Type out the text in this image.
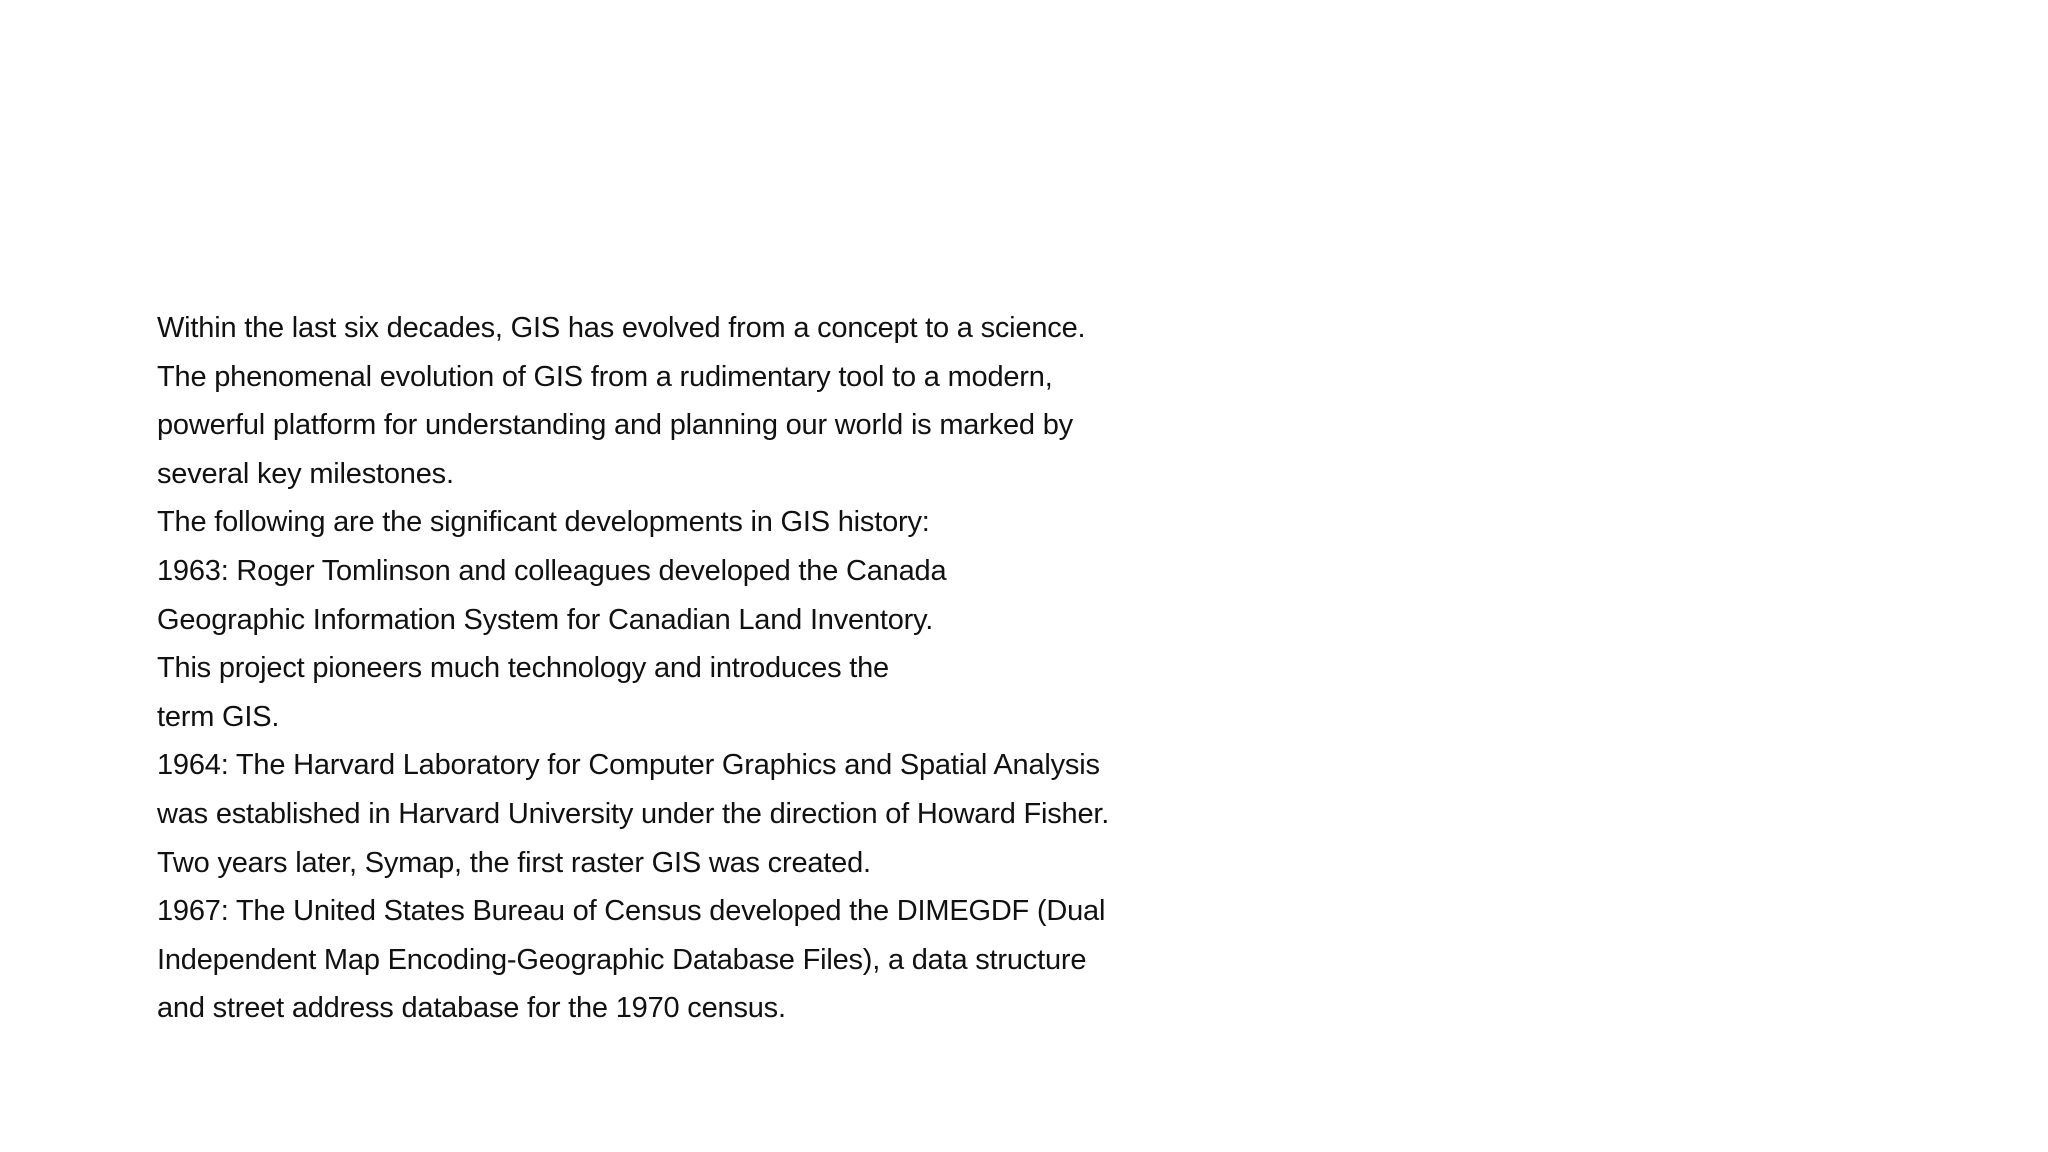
Within the last six decades, GIS has evolved from a concept to a science.
The phenomenal evolution of GIS from a rudimentary tool to a modern,
powerful platform for understanding and planning our world is marked by
several key milestones.
The following are the significant developments in GIS history:
1963: Roger Tomlinson and colleagues developed the Canada
Geographic Information System for Canadian Land Inventory.
This project pioneers much technology and introduces the
term GIS.
1964: The Harvard Laboratory for Computer Graphics and Spatial Analysis
was established in Harvard University under the direction of Howard Fisher.
Two years later, Symap, the first raster GIS was created.
1967: The United States Bureau of Census developed the DIMEGDF (Dual
Independent Map Encoding-Geographic Database Files), a data structure
and street address database for the 1970 census.
